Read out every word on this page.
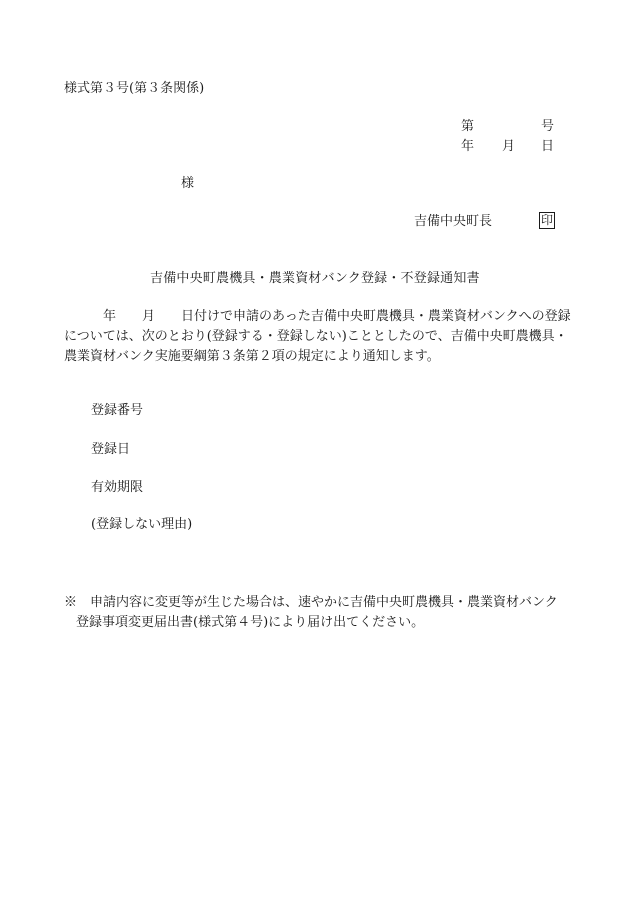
様式第３号(第３条関係)
第	号
年 月 日
様
吉備中央町長	印
吉備中央町農機具・農業資材バンク登録・不登録通知書
　　　年　　月　　日付けで申請のあった吉備中央町農機具・農業資材バンクへの登録
については、次のとおり(登録する・登録しない)こととしたので、吉備中央町農機具・
農業資材バンク実施要綱第３条第２項の規定により通知します。
登録番号
登録日
有効期限
(登録しない理由)
※　申請内容に変更等が生じた場合は、速やかに吉備中央町農機具・農業資材バンク
登録事項変更届出書(様式第４号)により届け出てください。
